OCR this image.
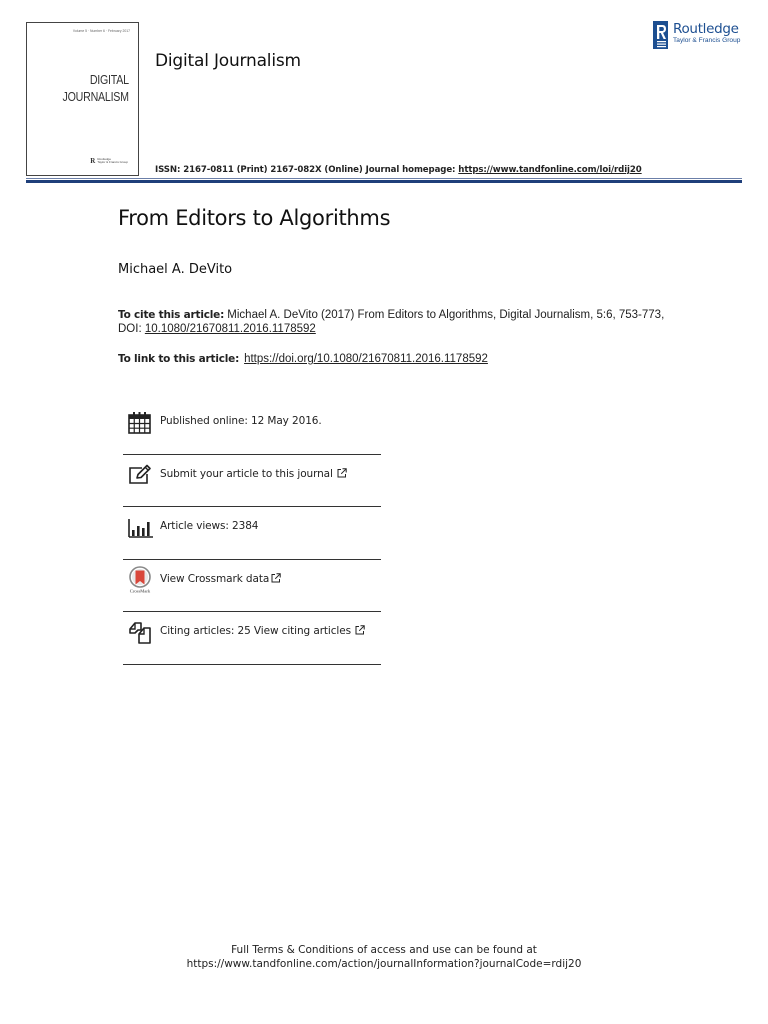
Volume 5 · Number 6 · February 2017
DIGITAL
JOURNALISM
R Routledge
Taylor & Francis Group
Digital Journalism
ISSN: 2167-0811 (Print) 2167-082X (Online) Journal homepage: https://www.tandfonline.com/loi/rdij20
Routledge
Taylor & Francis Group
From Editors to Algorithms
Michael A. DeVito
To cite this article: Michael A. DeVito (2017) From Editors to Algorithms, Digital Journalism, 5:6, 753-773, DOI: 10.1080/21670811.2016.1178592
To link to this article: https://doi.org/10.1080/21670811.2016.1178592
Published online: 12 May 2016.
Submit your article to this journal
Article views: 2384
CrossMark
View Crossmark data
Citing articles: 25 View citing articles
Full Terms & Conditions of access and use can be found at
https://www.tandfonline.com/action/journalInformation?journalCode=rdij20
